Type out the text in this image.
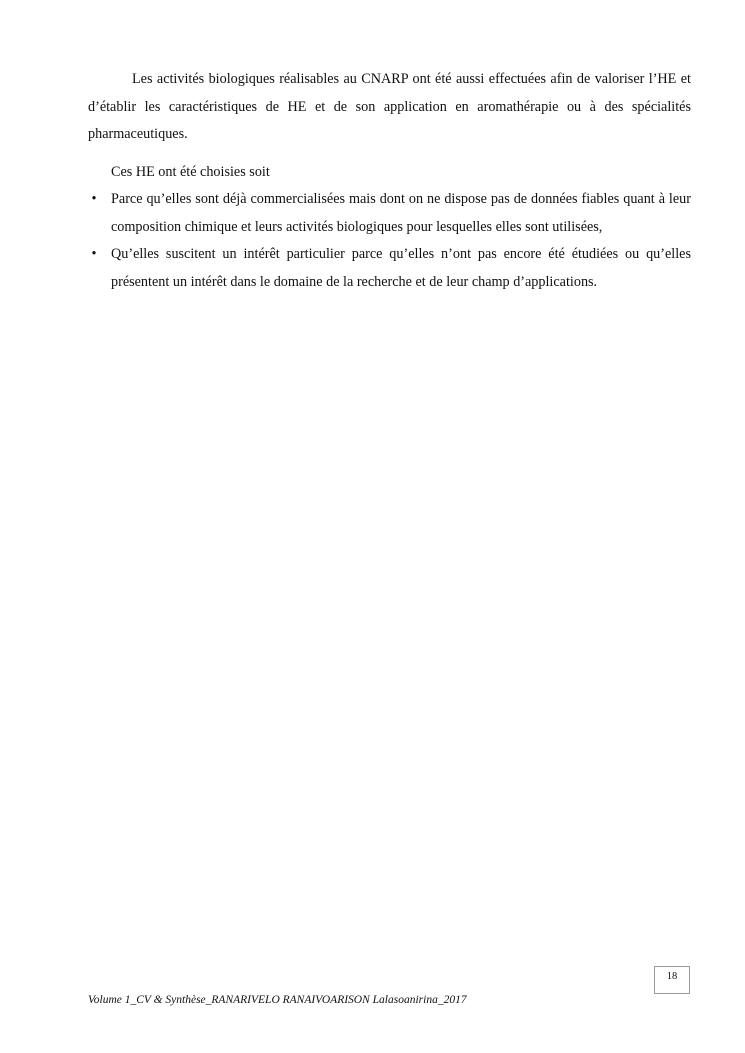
Les activités biologiques réalisables au CNARP ont été aussi effectuées afin de valoriser l’HE et d’établir les caractéristiques de HE et de son application en aromathérapie ou à des spécialités pharmaceutiques.

Ces HE ont été choisies soit

• Parce qu’elles sont déjà commercialisées mais dont on ne dispose pas de données fiables quant à leur composition chimique et leurs activités biologiques pour lesquelles elles sont utilisées,
• Qu’elles suscitent un intérêt particulier parce qu’elles n’ont pas encore été étudiées ou qu’elles présentent un intérêt dans le domaine de la recherche et de leur champ d’applications.
18
Volume 1_CV & Synthèse_RANARIVELO RANAIVOARISON Lalasoanirina_2017
